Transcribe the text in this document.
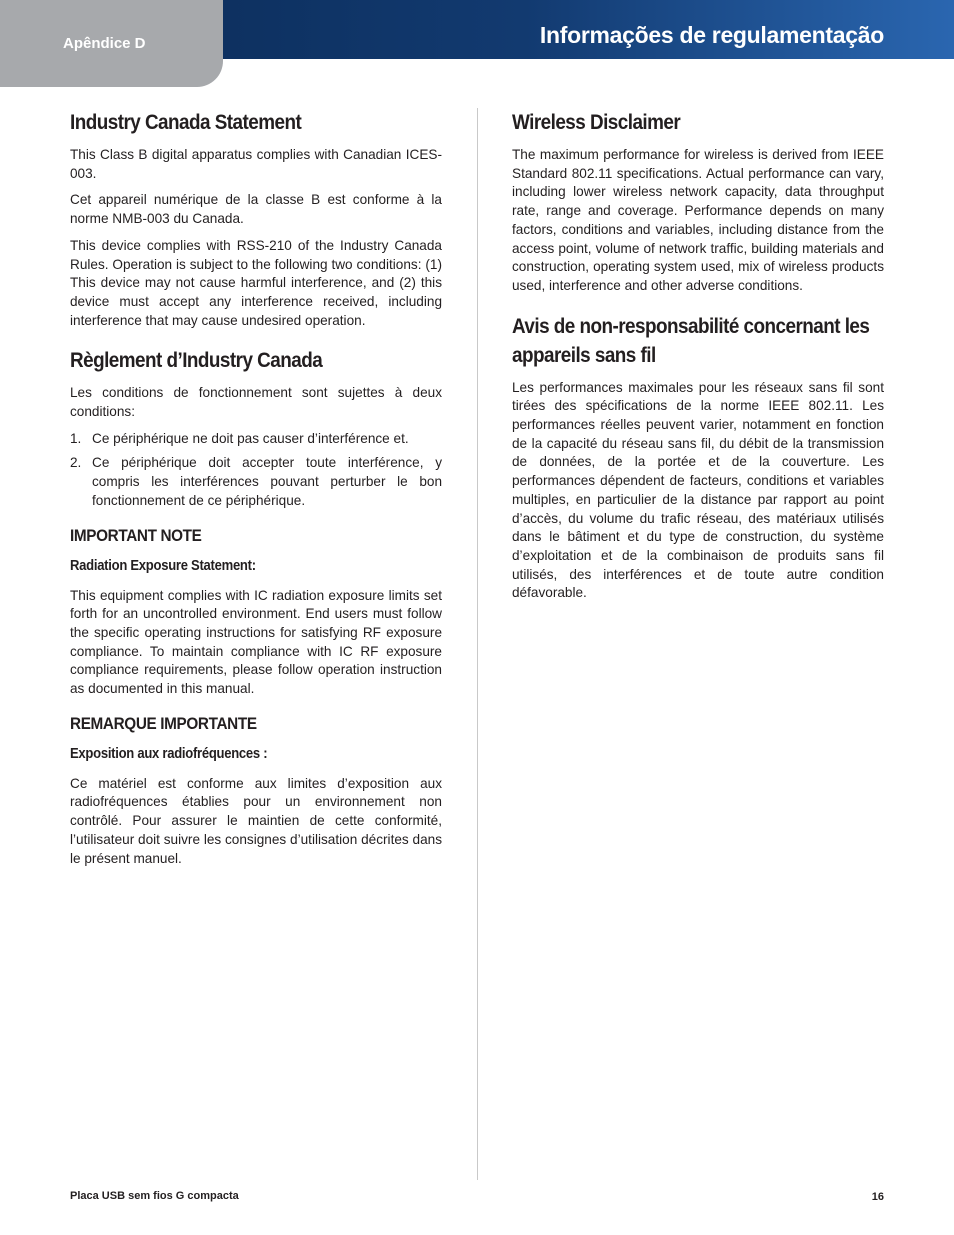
Apêndice D	Informações de regulamentação
Industry Canada Statement

This Class B digital apparatus complies with Canadian ICES-003.

Cet appareil numérique de la classe B est conforme à la norme NMB-003 du Canada.

This device complies with RSS-210 of the Industry Canada Rules. Operation is subject to the following two conditions: (1) This device may not cause harmful interference, and (2) this device must accept any interference received, including interference that may cause undesired operation.

Règlement d’Industry Canada

Les conditions de fonctionnement sont sujettes à deux conditions:

1. Ce périphérique ne doit pas causer d’interférence et.
2. Ce périphérique doit accepter toute interférence, y compris les interférences pouvant perturber le bon fonctionnement de ce périphérique.
IMPORTANT NOTE
Radiation Exposure Statement:

This equipment complies with IC radiation exposure limits set forth for an uncontrolled environment. End users must follow the specific operating instructions for satisfying RF exposure compliance. To maintain compliance with IC RF exposure compliance requirements, please follow operation instruction as documented in this manual.

REMARQUE IMPORTANTE
Exposition aux radiofréquences :

Ce matériel est conforme aux limites d’exposition aux radiofréquences établies pour un environnement non contrôlé. Pour assurer le maintien de cette conformité, l’utilisateur doit suivre les consignes d’utilisation décrites dans le présent manuel.

Wireless Disclaimer

The maximum performance for wireless is derived from IEEE Standard 802.11 specifications. Actual performance can vary, including lower wireless network capacity, data throughput rate, range and coverage. Performance depends on many factors, conditions and variables, including distance from the access point, volume of network traffic, building materials and construction, operating system used, mix of wireless products used, interference and other adverse conditions.

Avis de non-responsabilité concernant les appareils sans fil

Les performances maximales pour les réseaux sans fil sont tirées des spécifications de la norme IEEE 802.11. Les performances réelles peuvent varier, notamment en fonction de la capacité du réseau sans fil, du débit de la transmission de données, de la portée et de la couverture. Les performances dépendent de facteurs, conditions et variables multiples, en particulier de la distance par rapport au point d’accès, du volume du trafic réseau, des matériaux utilisés dans le bâtiment et du type de construction, du système d’exploitation et de la combinaison de produits sans fil utilisés, des interférences et de toute autre condition défavorable.

Placa USB sem fios G compacta	16
